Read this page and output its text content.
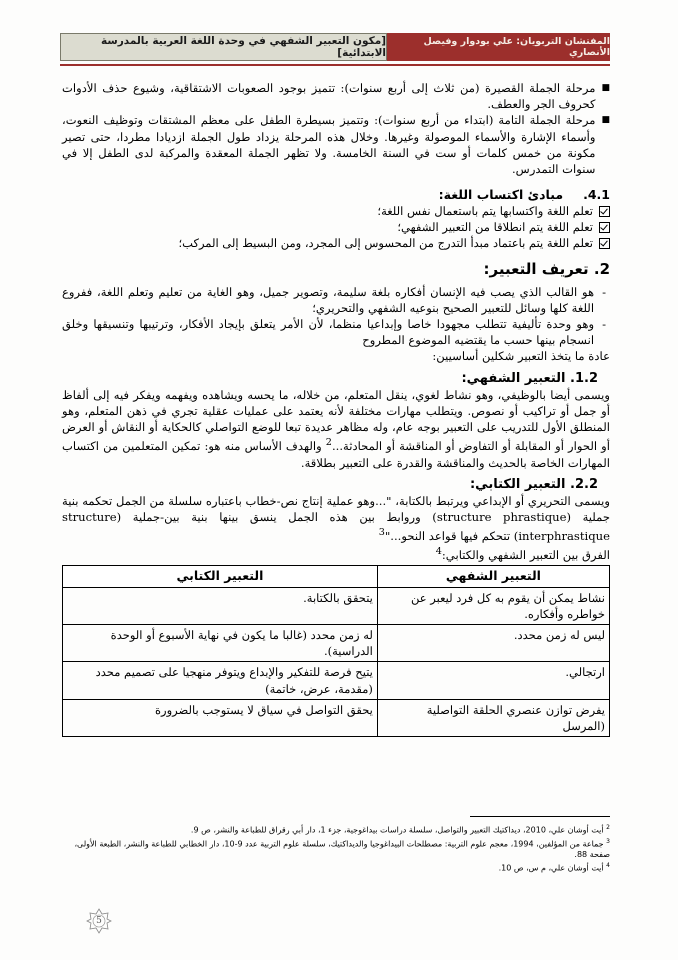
[مكون التعبير الشفهي في وحدة اللغة العربية بالمدرسة الابتدائية]
المفتشان التربويان: علي بودوار وفيصل الأنصاري
■

مرحلة الجملة القصيرة (من ثلاث إلى أربع سنوات): تتميز بوجود الصعوبات الاشتقاقية، وشيوع حذف الأدوات كحروف الجر والعطف.

■

مرحلة الجملة التامة (ابتداء من أربع سنوات): وتتميز بسيطرة الطفل على معظم المشتقات وتوظيف النعوت، وأسماء الإشارة والأسماء الموصولة وغيرها. وخلال هذه المرحلة يزداد طول الجملة ازديادا مطردا، حتى تصير مكونة من خمس كلمات أو ست في السنة الخامسة. ولا تظهر الجملة المعقدة والمركبة لدى الطفل إلا في سنوات التمدرس.

4.1.
مبادئ اكتساب اللغة:
تعلم اللغة واكتسابها يتم باستعمال نفس اللغة؛
تعلم اللغة يتم انطلاقا من التعبير الشفهي؛
تعلم اللغة يتم باعتماد مبدأ التدرج من المحسوس إلى المجرد، ومن البسيط إلى المركب؛
2. تعريف التعبير:
-

هو القالب الذي يصب فيه الإنسان أفكاره بلغة سليمة، وتصوير جميل، وهو الغاية من تعليم وتعلم اللغة، ففروع اللغة كلها وسائل للتعبير الصحيح بنوعيه الشفهي والتحريري؛

-

وهو وحدة تأليفية تتطلب مجهودا خاصا وإبداعيا منظما، لأن الأمر يتعلق بإيجاد الأفكار، وترتيبها وتنسيقها وخلق انسجام بينها حسب ما يقتضيه الموضوع المطروح

عادة ما يتخذ التعبير شكلين أساسيين:

1.2. التعبير الشفهي:

ويسمى أيضا بالوظيفي، وهو نشاط لغوي، ينقل المتعلم، من خلاله، ما يحسه ويشاهده ويفهمه ويفكر فيه إلى ألفاظ أو جمل أو تراكيب أو نصوص. ويتطلب مهارات مختلفة لأنه يعتمد على عمليات عقلية تجري في ذهن المتعلم، وهو المنطلق الأول للتدريب على التعبير بوجه عام، وله مظاهر عديدة تبعا للوضع التواصلي كالحكاية أو النقاش أو العرض أو الحوار أو المقابلة أو التفاوض أو المناقشة أو المحادثة...$^2$ والهدف الأساس منه هو: تمكين المتعلمين من اكتساب المهارات الخاصة بالحديث والمناقشة والقدرة على التعبير بطلاقة.

2.2. التعبير الكتابي:

ويسمى التحريري أو الإبداعي ويرتبط بالكتابة، "...وهو عملية إنتاج نص-خطاب باعتباره سلسلة من الجمل تحكمه بنية جملية (structure phrastique) وروابط بين هذه الجمل ينسق بينها بنية بين-جملية (structure interphrastique) تتحكم فيها قواعد النحو..."$^3$

الفرق بين التعبير الشفهي والكتابي:$^4$

التعبير الشفهي	التعبير الكتابي
نشاط يمكن أن يقوم به كل فرد ليعبر عن خواطره وأفكاره.	يتحقق بالكتابة.
ليس له زمن محدد.	له زمن محدد (غالبا ما يكون في نهاية الأسبوع أو الوحدة الدراسية).
ارتجالي.	يتيح فرصة للتفكير والإبداع ويتوفر منهجيا على تصميم محدد (مقدمة، عرض، خاتمة)
يفرض توازن عنصري الحلقة التواصلية (المرسل	يحقق التواصل في سياق لا يستوجب بالضرورة
$^2$ أيت أوشان علي، 2010، ديداكتيك التعبير والتواصل، سلسلة دراسات بيداغوجية، جزء 1، دار أبي رقراق للطباعة والنشر، ص 9.
$^3$ جماعة من المؤلفين، 1994، معجم علوم التربية: مصطلحات البيداغوجيا والديداكتيك، سلسلة علوم التربية عدد 9-10، دار الخطابي للطباعة والنشر، الطبعة الأولى، صفحة 88.
$^4$ أيت أوشان علي، م س، ص 10.
5
